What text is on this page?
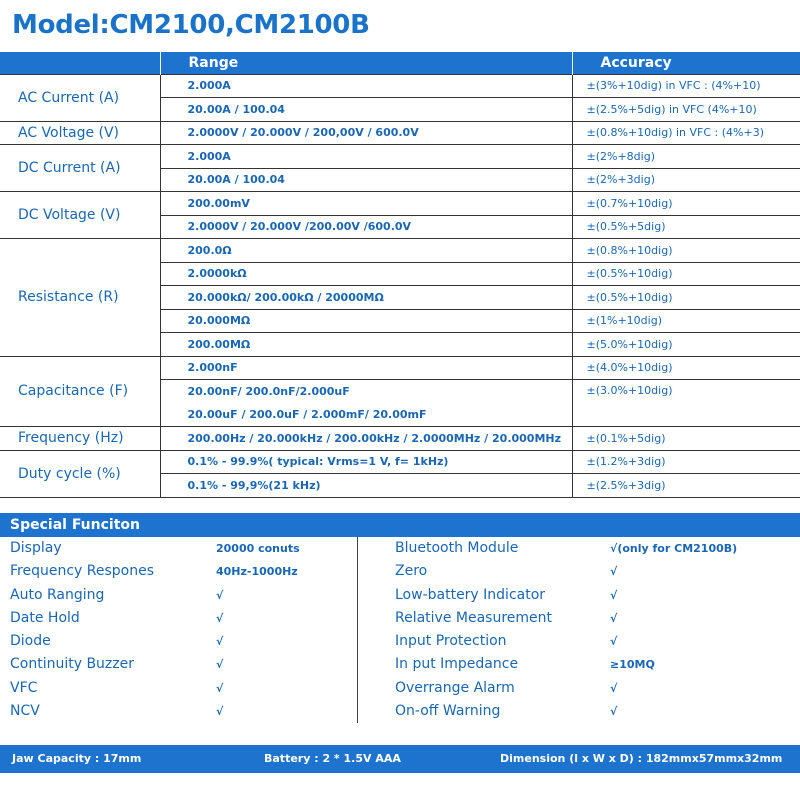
Model:CM2100,CM2100B
	Range	Accuracy
AC Current (A)	2.000A	±(3%+10dig) in VFC : (4%+10)
	20.00A / 100.04	±(2.5%+5dig) in VFC (4%+10)
AC Voltage (V)	2.0000V / 20.000V / 200,00V / 600.0V	±(0.8%+10dig) in VFC : (4%+3)
DC Current (A)	2.000A	±(2%+8dig)
	20.00A / 100.04	±(2%+3dig)
DC Voltage (V)	200.00mV	±(0.7%+10dig)
	2.0000V / 20.000V /200.00V /600.0V	±(0.5%+5dig)
Resistance (R)	200.0Ω	±(0.8%+10dig)
	2.0000kΩ	±(0.5%+10dig)
	20.000kΩ/ 200.00kΩ / 20000MΩ	±(0.5%+10dig)
	20.000MΩ	±(1%+10dig)
	200.00MΩ	±(5.0%+10dig)
Capacitance (F)	2.000nF	±(4.0%+10dig)
	20.00nF/ 200.0nF/2.000uF	±(3.0%+10dig)
	20.00uF / 200.0uF / 2.000mF/ 20.00mF	
Frequency (Hz)	200.00Hz / 20.000kHz / 200.00kHz / 2.0000MHz / 20.000MHz	±(0.1%+5dig)
Duty cycle (%)	0.1% - 99.9%( typical: Vrms=1 V, f= 1kHz)	±(1.2%+3dig)
	0.1% - 99,9%(21 kHz)	±(2.5%+3dig)
Special Funciton
Display	20000 conuts	Bluetooth Module	√(only for CM2100B)
Frequency Respones	40Hz-1000Hz	Zero	√
Auto Ranging	√	Low-battery Indicator	√
Date Hold	√	Relative Measurement	√
Diode	√	Input Protection	√
Continuity Buzzer	√	In put Impedance	≥10MQ
VFC	√	Overrange Alarm	√
NCV	√	On-off Warning	√
Jaw Capacity : 17mm	Battery : 2 * 1.5V AAA	Dimension (l x W x D) : 182mmx57mmx32mm
